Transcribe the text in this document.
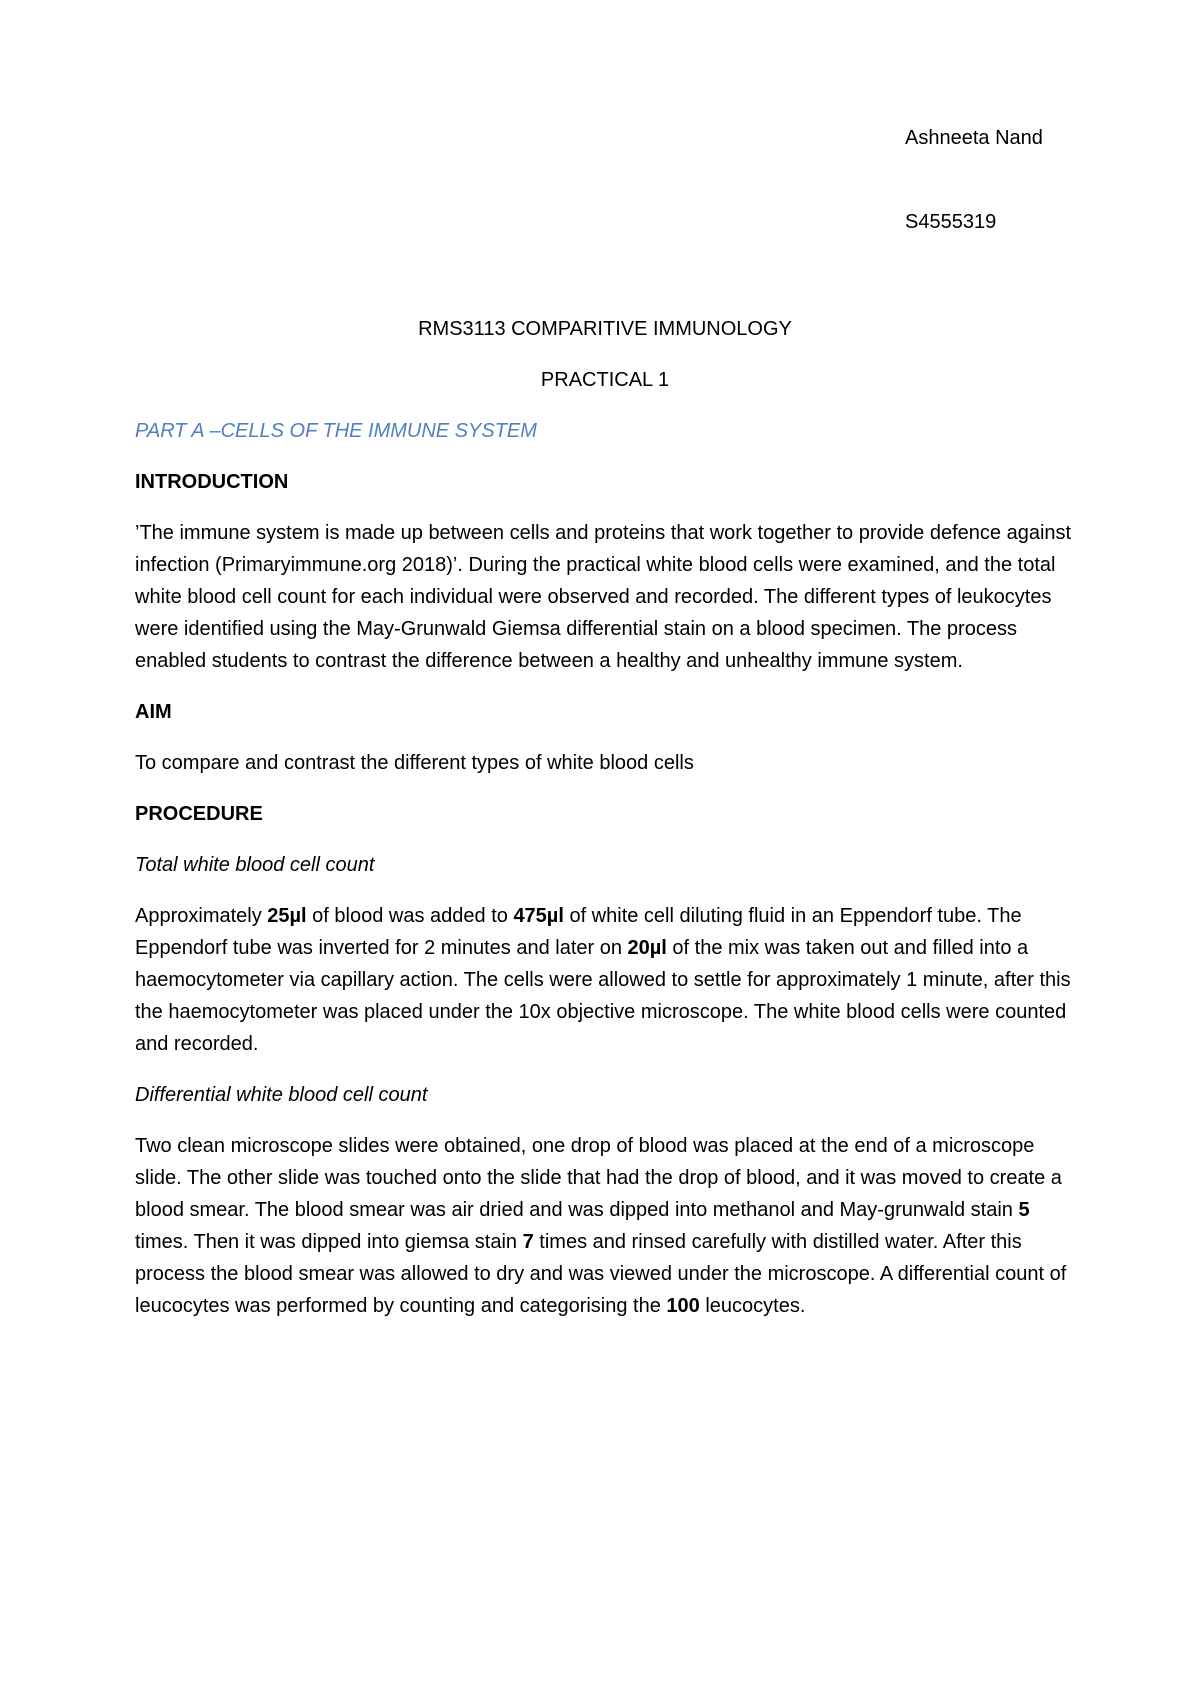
Ashneeta Nand

S4555319

RMS3113 COMPARITIVE IMMUNOLOGY
PRACTICAL 1
PART A –CELLS OF THE IMMUNE SYSTEM
INTRODUCTION
’The immune system is made up between cells and proteins that work together to provide defence against infection (Primaryimmune.org 2018)’. During the practical white blood cells were examined, and the total white blood cell count for each individual were observed and recorded. The different types of leukocytes were identified using the May-Grunwald Giemsa differential stain on a blood specimen. The process enabled students to contrast the difference between a healthy and unhealthy immune system.
AIM
To compare and contrast the different types of white blood cells
PROCEDURE
Total white blood cell count
Approximately 25µl of blood was added to 475µl of white cell diluting fluid in an Eppendorf tube. The Eppendorf tube was inverted for 2 minutes and later on 20µl of the mix was taken out and filled into a haemocytometer via capillary action. The cells were allowed to settle for approximately 1 minute, after this the haemocytometer was placed under the 10x objective microscope. The white blood cells were counted and recorded.
Differential white blood cell count
Two clean microscope slides were obtained, one drop of blood was placed at the end of a microscope slide. The other slide was touched onto the slide that had the drop of blood, and it was moved to create a blood smear. The blood smear was air dried and was dipped into methanol and May-grunwald stain 5 times. Then it was dipped into giemsa stain 7 times and rinsed carefully with distilled water. After this process the blood smear was allowed to dry and was viewed under the microscope. A differential count of leucocytes was performed by counting and categorising the 100 leucocytes.
